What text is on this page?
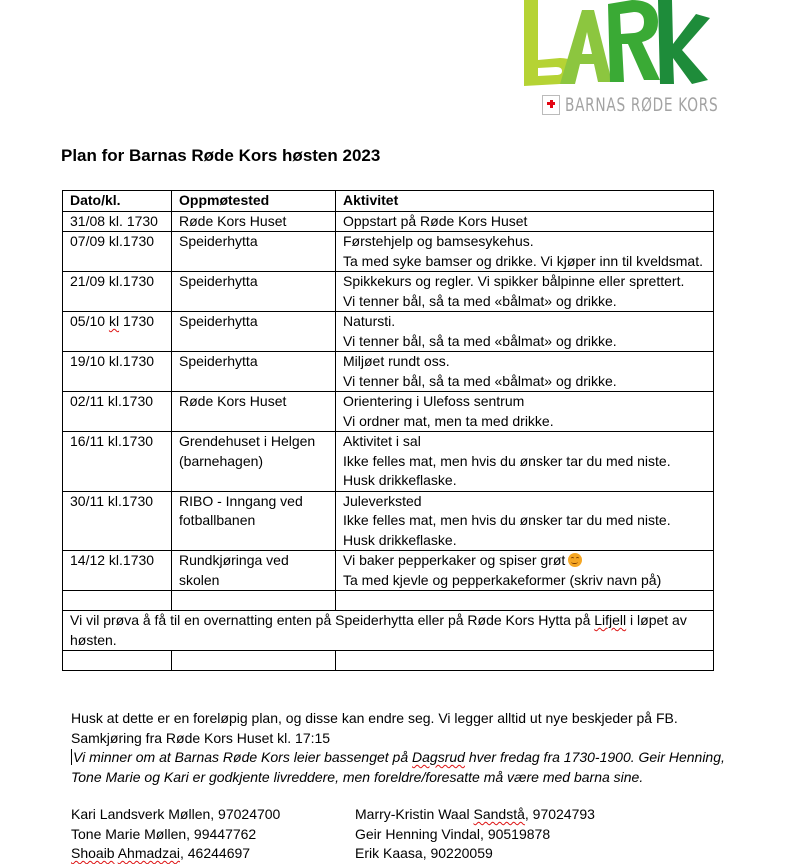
BARNAS RØDE KORS
Plan for Barnas Røde Kors høsten 2023
Dato/kl.	Oppmøtested	Aktivitet
31/08 kl. 1730	Røde Kors Huset	Oppstart på Røde Kors Huset

07/09 kl.1730	Speiderhytta	Førstehjelp og bamsesykehus.
Ta med syke bamser og drikke. Vi kjøper inn til kveldsmat.

21/09 kl.1730	Speiderhytta	Spikkekurs og regler. Vi spikker bålpinne eller sprettert.
Vi tenner bål, så ta med «bålmat» og drikke.

05/10 kl 1730	Speiderhytta	Natursti.
Vi tenner bål, så ta med «bålmat» og drikke.

19/10 kl.1730	Speiderhytta	Miljøet rundt oss.
Vi tenner bål, så ta med «bålmat» og drikke.

02/11 kl.1730	Røde Kors Huset	Orientering i Ulefoss sentrum
Vi ordner mat, men ta med drikke.

16/11 kl.1730	Grendehuset i Helgen (barnehagen)	Aktivitet i sal
Ikke felles mat, men hvis du ønsker tar du med niste.
Husk drikkeflaske.

30/11 kl.1730	RIBO - Inngang ved fotballbanen	Juleverksted
Ikke felles mat, men hvis du ønsker tar du med niste.
Husk drikkeflaske.

14/12 kl.1730	Rundkjøringa ved skolen	Vi baker pepperkaker og spiser grøt
Ta med kjevle og pepperkakeformer (skriv navn på)

Vi vil prøva å få til en overnatting enten på Speiderhytta eller på Røde Kors Hytta på Lifjell i løpet av høsten.		

Husk at dette er en foreløpig plan, og disse kan endre seg. Vi legger alltid ut nye beskjeder på FB.

Samkjøring fra Røde Kors Huset kl. 17:15

Vi minner om at Barnas Røde Kors leier bassenget på Dagsrud hver fredag fra 1730-1900. Geir Henning, Tone Marie og Kari er godkjente livreddere, men foreldre/foresatte må være med barna sine.

Kari Landsverk Møllen, 97024700
Tone Marie Møllen, 99447762
Shoaib Ahmadzai, 46244697
Marry-Kristin Waal Sandstå, 97024793
Geir Henning Vindal, 90519878
Erik Kaasa, 90220059
